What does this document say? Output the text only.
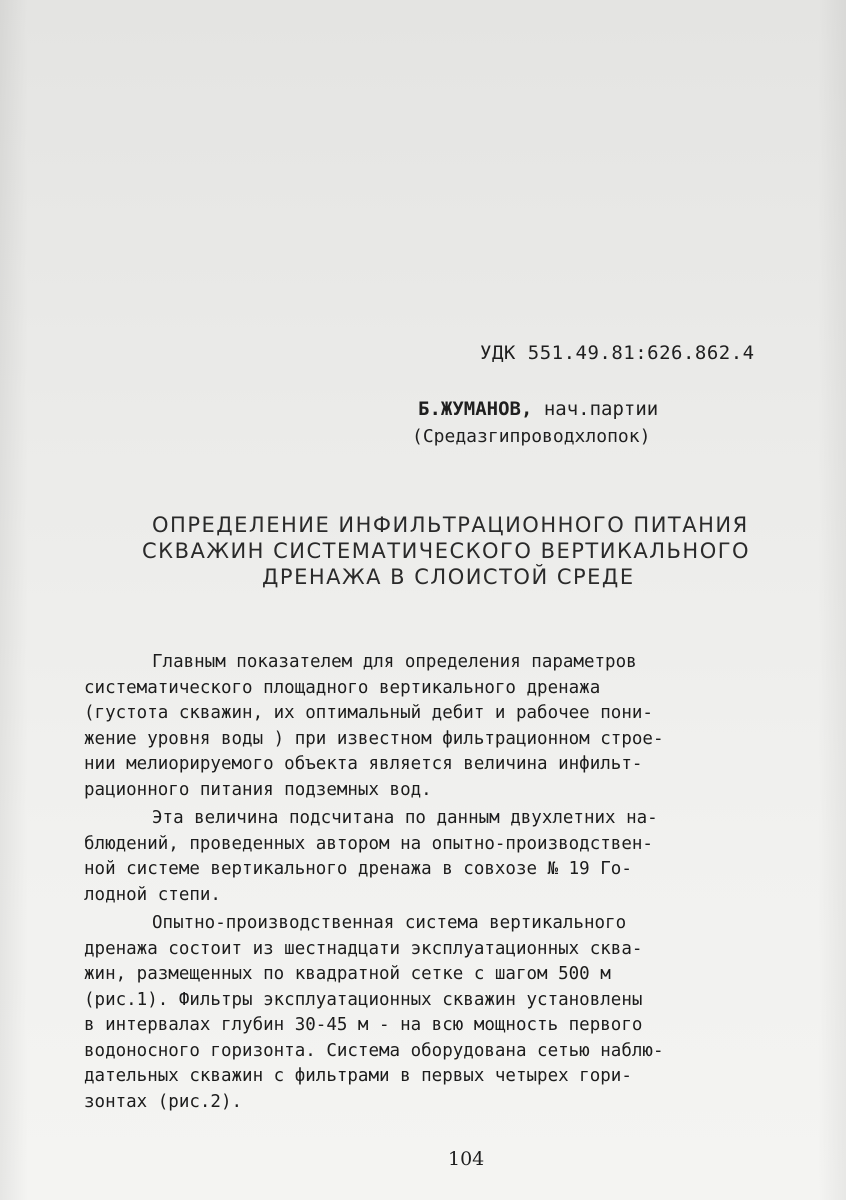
УДК 551.49.81:626.862.4
Б.ЖУМАНОВ, нач.партии
(Средазгипроводхлопок)
ОПРЕДЕЛЕНИЕ ИНФИЛЬТРАЦИОННОГО ПИТАНИЯ
СКВАЖИН СИСТЕМАТИЧЕСКОГО ВЕРТИКАЛЬНОГО
ДРЕНАЖА В СЛОИСТОЙ СРЕДЕ
Главным показателем для определения параметров
систематического площадного вертикального дренажа
(густота скважин, их оптимальный дебит и рабочее пони-
жение уровня воды ) при известном фильтрационном строе-
нии мелиорируемого объекта является величина инфильт-
рационного питания подземных вод.
Эта величина подсчитана по данным двухлетних на-
блюдений, проведенных автором на опытно-производствен-
ной системе вертикального дренажа в совхозе № 19 Го-
лодной степи.
Опытно-производственная система вертикального
дренажа состоит из шестнадцати эксплуатационных сква-
жин, размещенных по квадратной сетке с шагом 500 м
(рис.1). Фильтры эксплуатационных скважин установлены
в интервалах глубин 30-45 м - на всю мощность первого
водоносного горизонта. Система оборудована сетью наблю-
дательных скважин с фильтрами в первых четырех гори-
зонтах (рис.2).
104
